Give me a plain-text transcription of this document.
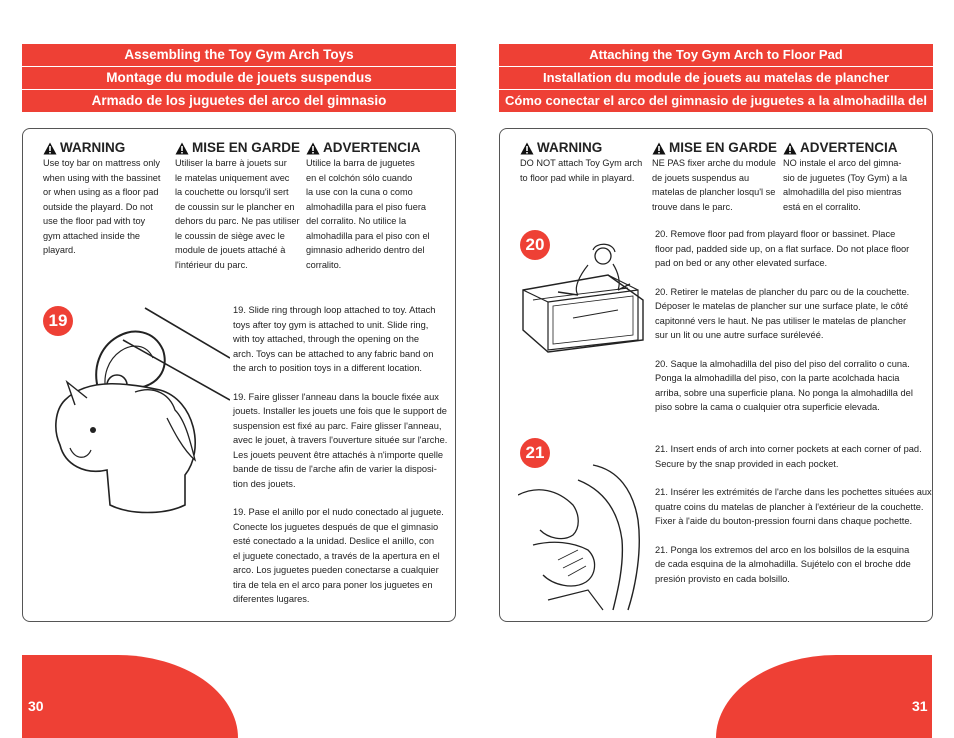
Assembling the Toy Gym Arch Toys
Montage du module de jouets suspendus
Armado de los juguetes del arco del gimnasio
Attaching the Toy Gym Arch to Floor Pad
Installation du module de jouets au matelas de plancher
Cómo conectar el arco del gimnasio de juguetes a la almohadilla del piso
WARNING
Use toy bar on mattress only
when using with the bassinet
or when using as a floor pad
outside the playard. Do not
use the floor pad with toy
gym attached inside the
playard.
MISE EN GARDE
Utiliser la barre à jouets sur
le matelas uniquement avec
la couchette ou lorsqu'il sert
de coussin sur le plancher en
dehors du parc. Ne pas utiliser
le coussin de siège avec le
module de jouets attaché à
l'intérieur du parc.
ADVERTENCIA
Utilice la barra de juguetes
en el colchón sólo cuando
la use con la cuna o como
almohadilla para el piso fuera
del corralito. No utilice la
almohadilla para el piso con el
gimnasio adherido dentro del
corralito.
19

19. Slide ring through loop attached to toy. Attach
toys after toy gym is attached to unit. Slide ring,
with toy attached, through the opening on the
arch. Toys can be attached to any fabric band on
the arch to position toys in a different location.

19. Faire glisser l'anneau dans la boucle fixée aux
jouets. Installer les jouets une fois que le support de
suspension est fixé au parc. Faire glisser l'anneau,
avec le jouet, à travers l'ouverture située sur l'arche.
Les jouets peuvent être attachés à n'importe quelle
bande de tissu de l'arche afin de varier la disposi-
tion des jouets.

19. Pase el anillo por el nudo conectado al juguete.
Conecte los juguetes después de que el gimnasio
esté conectado a la unidad. Deslice el anillo, con
el juguete conectado, a través de la apertura en el
arco. Los juguetes pueden conectarse a cualquier
tira de tela en el arco para poner los juguetes en
diferentes lugares.

WARNING
DO NOT attach Toy Gym arch
to floor pad while in playard.
MISE EN GARDE
NE PAS fixer arche du module
de jouets suspendus au
matelas de plancher losqu'l se
trouve dans le parc.
ADVERTENCIA
NO instale el arco del gimna-
sio de juguetes (Toy Gym) a la
almohadilla del piso mientras
está en el corralito.
20

20. Remove floor pad from playard floor or bassinet. Place
floor pad, padded side up, on a flat surface. Do not place floor
pad on bed or any other elevated surface.

20. Retirer le matelas de plancher du parc ou de la couchette.
Déposer le matelas de plancher sur une surface plate, le côté
capitonné vers le haut. Ne pas utiliser le matelas de plancher
sur un lit ou une autre surface surélevéé.

20. Saque la almohadilla del piso del piso del corralito o cuna.
Ponga la almohadilla del piso, con la parte acolchada hacia
arriba, sobre una superficie plana. No ponga la almohadilla del
piso sobre la cama o cualquier otra superficie elevada.

21	21. Insert ends of arch into corner pockets at each corner of pad.
Secure by the snap provided in each pocket.

21. Insérer les extrémités de l'arche dans les pochettes situées aux
quatre coins du matelas de plancher à l'extérieur de la couchette.
Fixer à l'aide du bouton-pression fourni dans chaque pochette.

21. Ponga los extremos del arco en los bolsillos de la esquina
de cada esquina de la almohadilla. Sujételo con el broche dde
presión provisto en cada bolsillo.

30	31
